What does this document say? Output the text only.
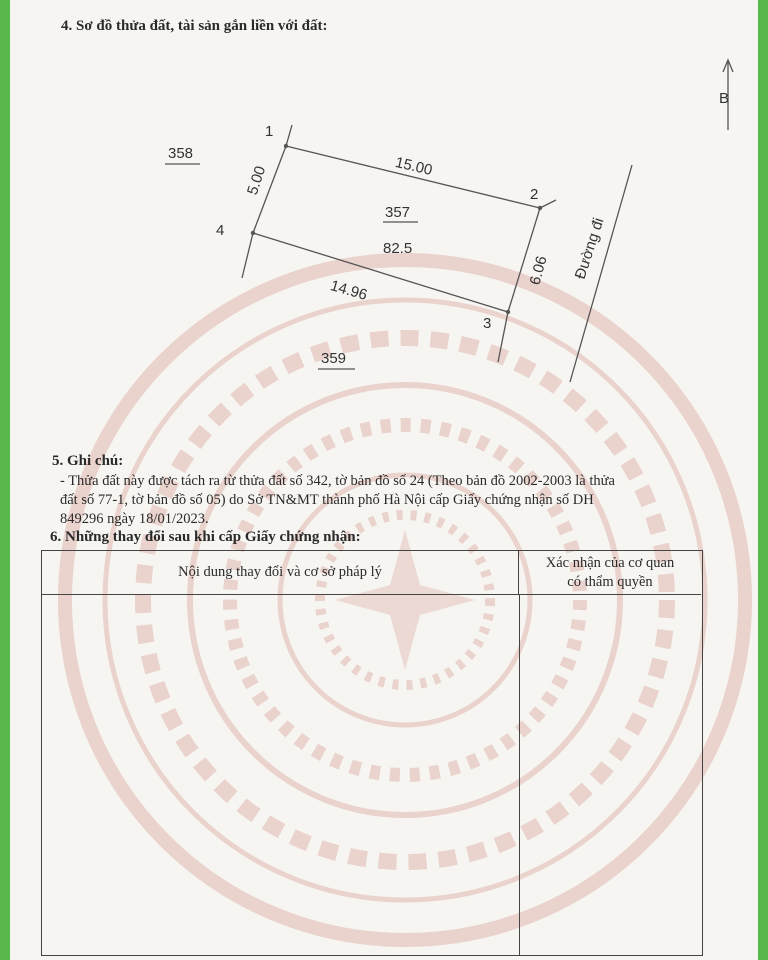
4. Sơ đồ thửa đất, tài sản gắn liền với đất:
B
1
2
3
4
15.00
6.06
14.96
5.00
357
82.5
358
359
Đường đi
5. Ghi chú:
- Thửa đất này được tách ra từ thửa đất số 342, tờ bản đồ số 24 (Theo bản đồ 2002-2003 là thửa
đất số 77-1, tờ bản đồ số 05) do Sở TN&MT thành phố Hà Nội cấp Giấy chứng nhận số DH
849296 ngày 18/01/2023.
6. Những thay đổi sau khi cấp Giấy chứng nhận:
Nội dung thay đổi và cơ sở pháp lý
Xác nhận của cơ quan
có thẩm quyền
